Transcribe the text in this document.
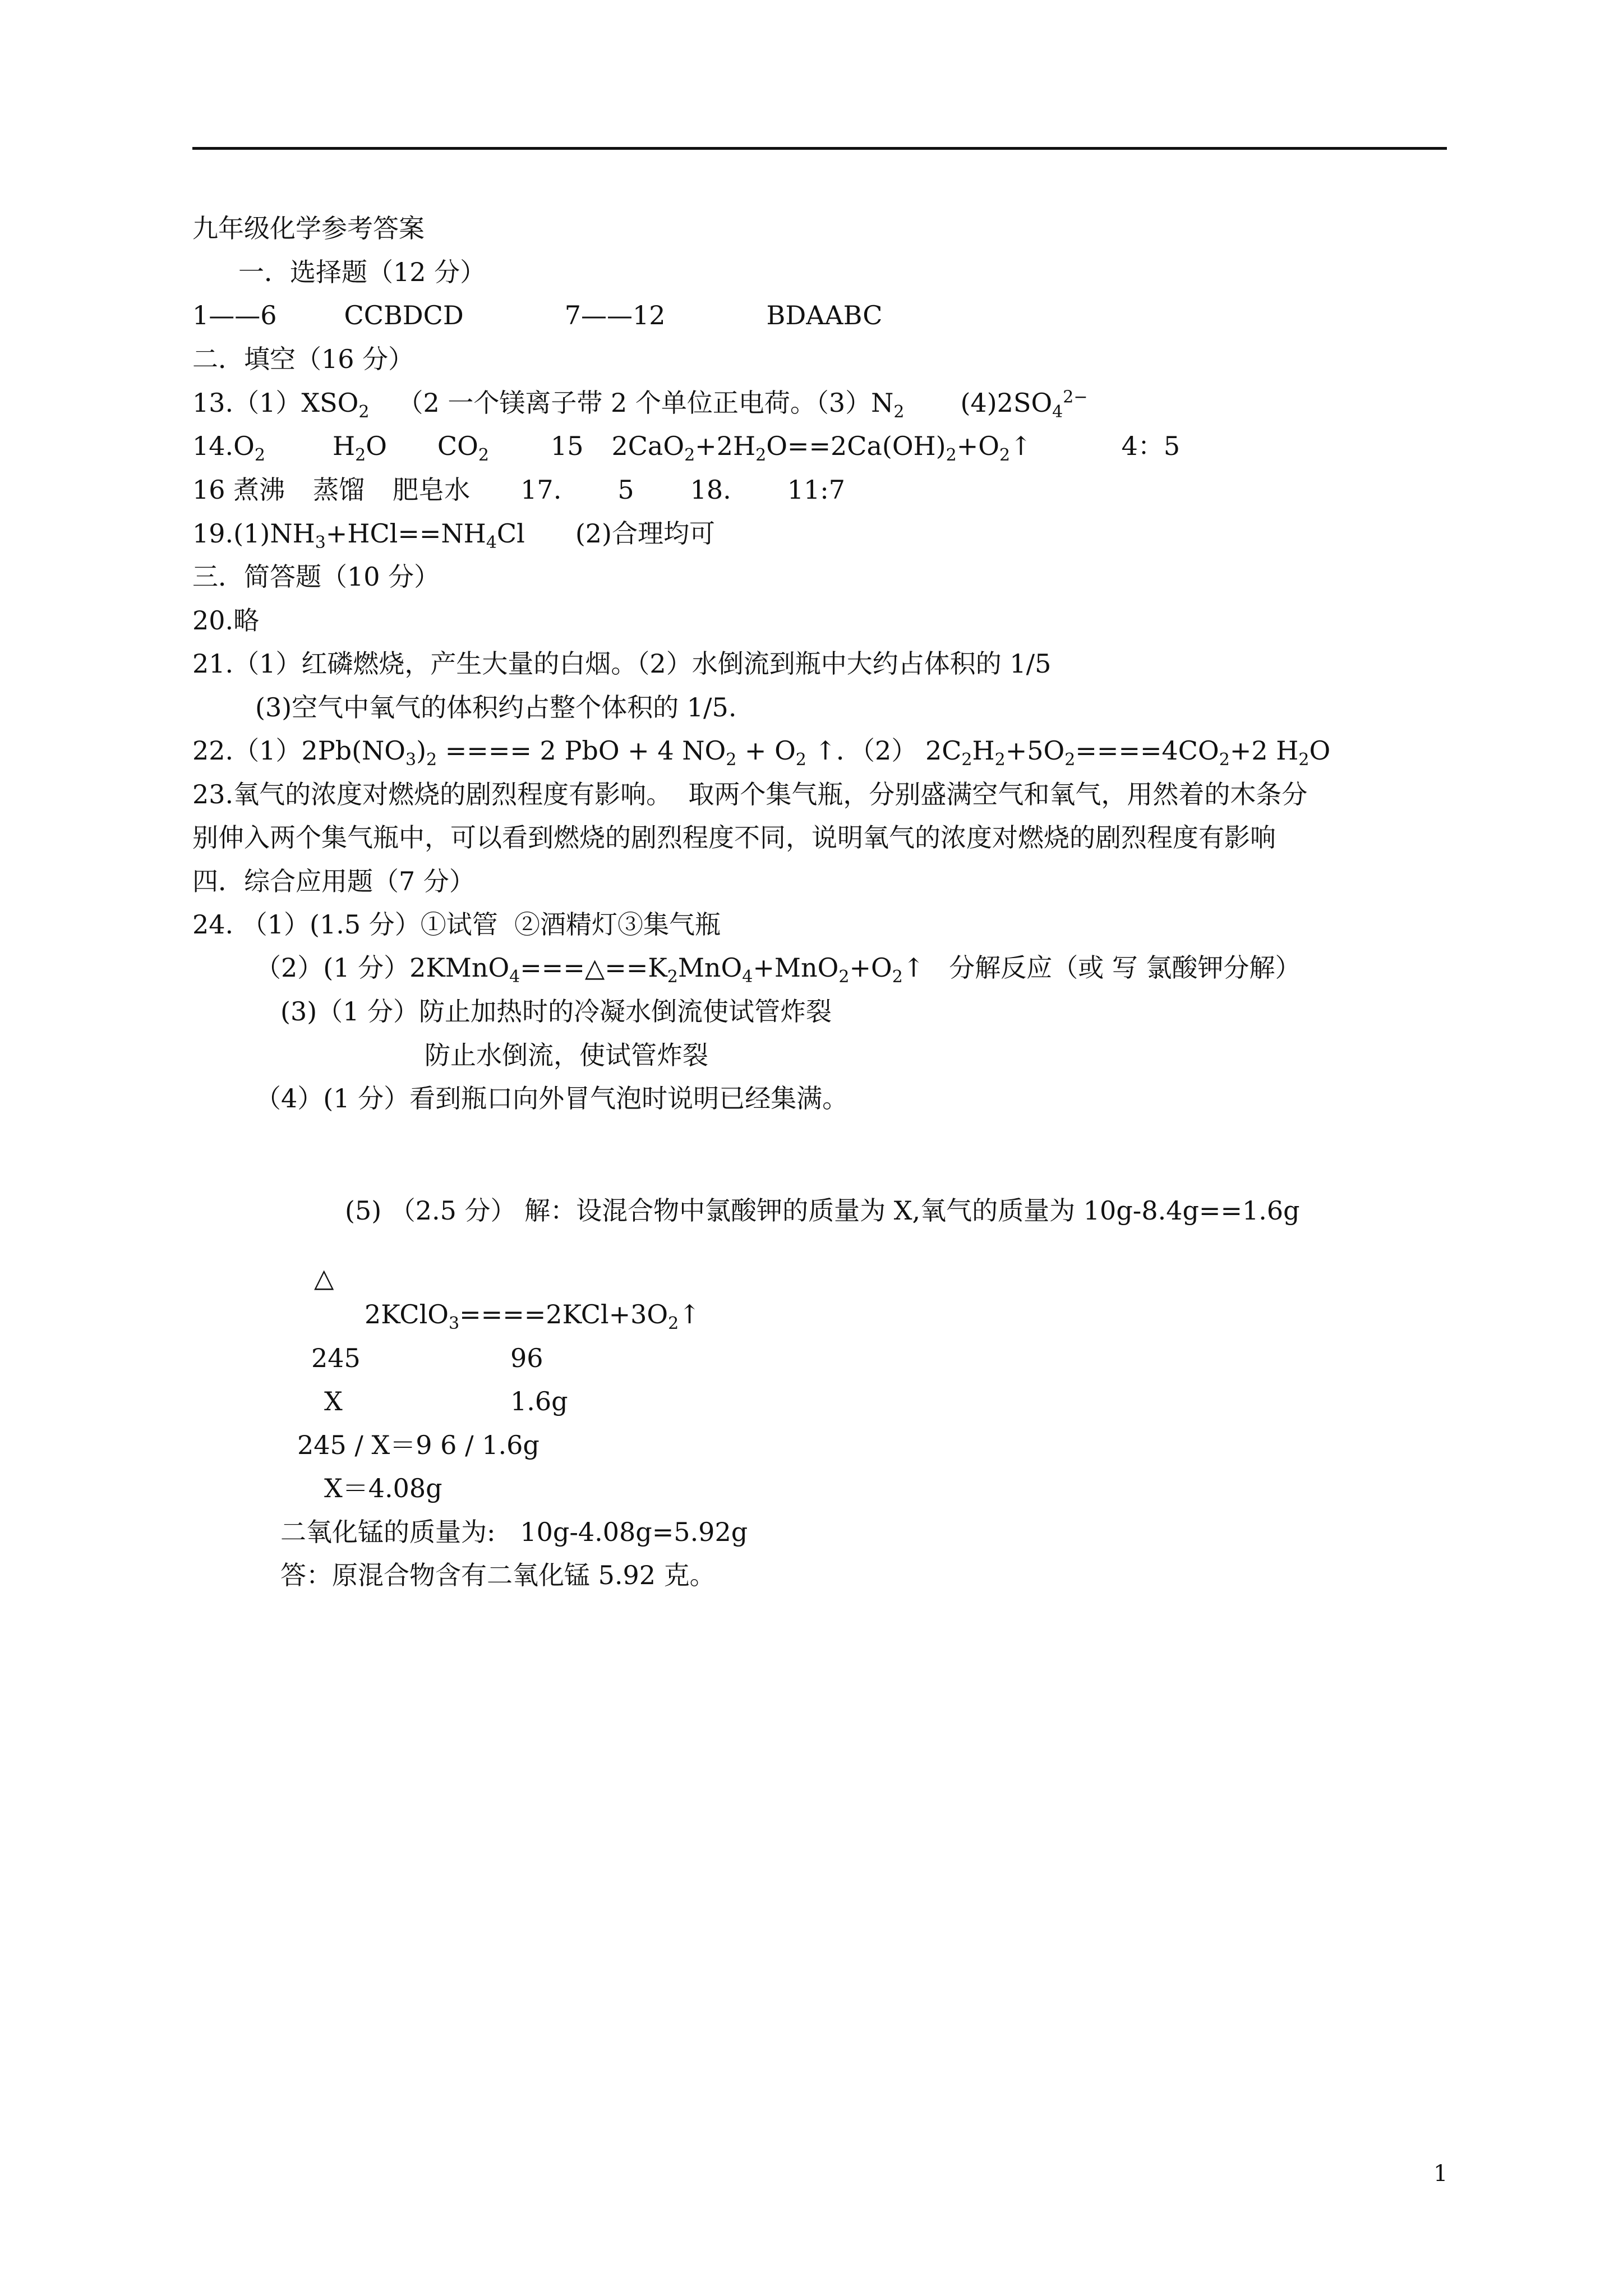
九年级化学参考答案
一．选择题（12 分）
1——6	CCBDCD	7——12	BDAABC
二．填空（16 分）
$13.(1)XSO_2$ （2 一个镁离子带 2 个单位正电荷。$(3)N_2$ $(4)2SO_4^{2-}$
$14.O_2$	$H_2O$ $CO_2$ 15 $2CaO_2+2H_2O==2Ca(OH)_2+O_2↑$	4：5
16 煮沸 蒸馏 肥皂水 17. 5 18. 11:7
$19.(1)NH_3+HCl==NH_4Cl$ (2)合理均可
三．简答题（10 分）
20.略
21.（1）红磷燃烧，产生大量的白烟。（2）水倒流到瓶中大约占体积的 1/5
(3)空气中氧气的体积约占整个体积的 1/5.
$22.(1)2Pb(NO_3)_2$ ==== 2 PbO + 4 $NO_2 + O_2$ ↑．（2） $2C_2H_2+5O_2====4CO_2+2$ $H_2O$
23.氧气的浓度对燃烧的剧烈程度有影响。  取两个集气瓶，分别盛满空气和氧气，用然着的木条分
别伸入两个集气瓶中，可以看到燃烧的剧烈程度不同，说明氧气的浓度对燃烧的剧烈程度有影响
四．综合应用题（7 分）
24. （1）(1.5 分）①试管  ②酒精灯③集气瓶
（2）(1 分）$2KMnO_4===\triangle==K_2MnO_4+MnO_2+O_2↑$   分解反应（或 写 氯酸钾分解）
(3)（1 分）防止加热时的冷凝水倒流使试管炸裂
防止水倒流，使试管炸裂
（4）(1 分）看到瓶口向外冒气泡时说明已经集满。
(5) （2.5 分） 解：设混合物中氯酸钾的质量为 X,氧气的质量为 10g-8.4g==1.6g
△
$2KClO_3====2KCl+3O_2↑$
245	96
X	1.6g
245 / X＝9 6 / 1.6g
X＝4.08g
二氧化锰的质量为:   10g-4.08g=5.92g
答：原混合物含有二氧化锰 5.92 克。
1
